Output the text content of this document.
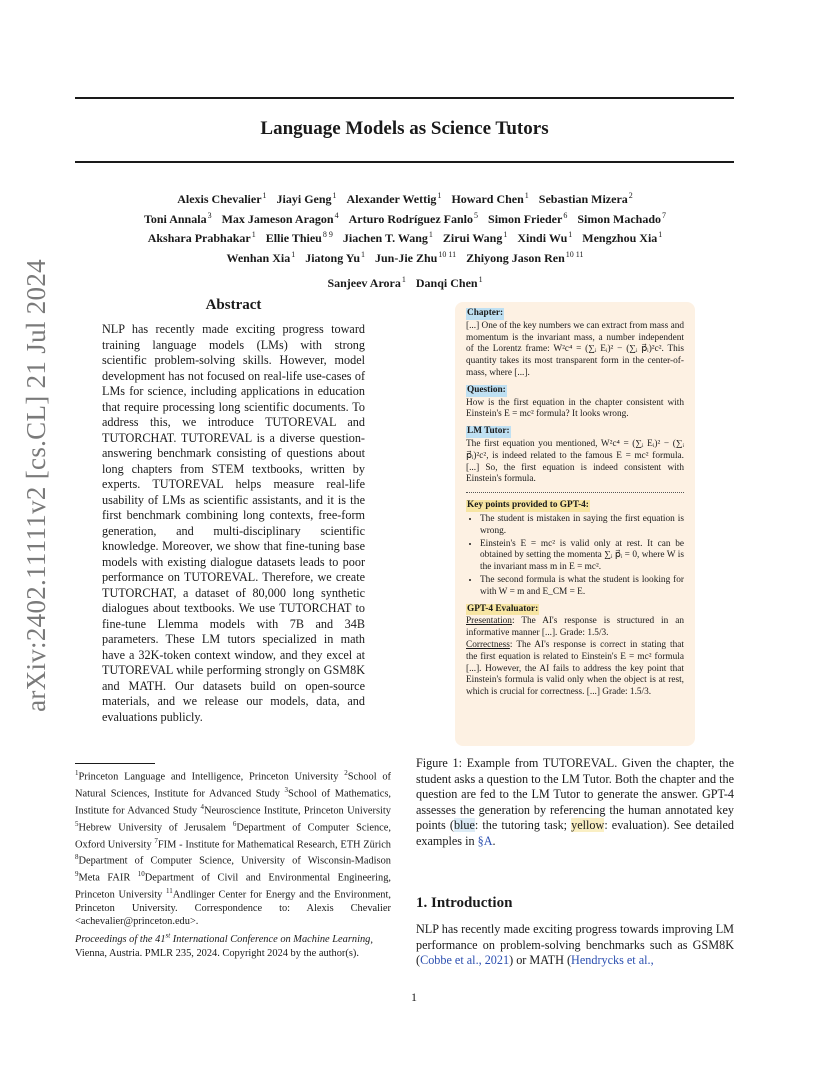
Language Models as Science Tutors
arXiv:2402.11111v2 [cs.CL] 21 Jul 2024
Alexis Chevalier$^1$ Jiayi Geng$^1$ Alexander Wettig$^1$ Howard Chen$^1$ Sebastian Mizera$^2$
Toni Annala$^3$ Max Jameson Aragon$^4$ Arturo Rodríguez Fanlo$^5$ Simon Frieder$^6$ Simon Machado$^7$
Akshara Prabhakar$^1$ Ellie Thieu$^{8 9}$ Jiachen T. Wang$^1$ Zirui Wang$^1$ Xindi Wu$^1$ Mengzhou Xia$^1$
Wenhan Xia$^1$ Jiatong Yu$^1$ Jun-Jie Zhu$^{10 11}$ Zhiyong Jason Ren$^{10 11}$
Sanjeev Arora$^1$ Danqi Chen$^1$
Abstract
NLP has recently made exciting progress toward training language models (LMs) with strong scientific problem-solving skills. However, model development has not focused on real-life use-cases of LMs for science, including applications in education that require processing long scientific documents. To address this, we introduce TUTOREVAL and TUTORCHAT. TUTOREVAL is a diverse question-answering benchmark consisting of questions about long chapters from STEM textbooks, written by experts. TUTOREVAL helps measure real-life usability of LMs as scientific assistants, and it is the first benchmark combining long contexts, free-form generation, and multi-disciplinary scientific knowledge. Moreover, we show that fine-tuning base models with existing dialogue datasets leads to poor performance on TUTOREVAL. Therefore, we create TUTORCHAT, a dataset of 80,000 long synthetic dialogues about textbooks. We use TUTORCHAT to fine-tune Llemma models with 7B and 34B parameters. These LM tutors specialized in math have a 32K-token context window, and they excel at TUTOREVAL while performing strongly on GSM8K and MATH. Our datasets build on open-source materials, and we release our models, data, and evaluations publicly.
$^1$Princeton Language and Intelligence, Princeton University $^2$School of Natural Sciences, Institute for Advanced Study $^3$School of Mathematics, Institute for Advanced Study $^4$Neuroscience Institute, Princeton University $^5$Hebrew University of Jerusalem $^6$Department of Computer Science, Oxford University $^7$FIM - Institute for Mathematical Research, ETH Zürich $^8$Department of Computer Science, University of Wisconsin-Madison $^9$Meta FAIR $^{10}$Department of Civil and Environmental Engineering, Princeton University $^{11}$Andlinger Center for Energy and the Environment, Princeton University. Correspondence to: Alexis Chevalier <achevalier@princeton.edu>.
Proceedings of the 41st International Conference on Machine Learning, Vienna, Austria. PMLR 235, 2024. Copyright 2024 by the author(s).
Chapter:
[...] One of the key numbers we can extract from mass and momentum is the invariant mass, a number independent of the Lorentz frame: W²c⁴ = (∑ᵢ Eᵢ)² − (∑ᵢ p⃗ᵢ)²c². This quantity takes its most transparent form in the center-of-mass, where [...].
Question:
How is the first equation in the chapter consistent with Einstein's E = mc² formula? It looks wrong.
LM Tutor:
The first equation you mentioned, W²c⁴ = (∑ᵢ Eᵢ)² − (∑ᵢ p⃗ᵢ)²c², is indeed related to the famous E = mc² formula. [...] So, the first equation is indeed consistent with Einstein's formula.
Key points provided to GPT-4:
• The student is mistaken in saying the first equation is wrong.
• Einstein's E = mc² is valid only at rest. It can be obtained by setting the momenta ∑ᵢ p⃗ᵢ = 0, where W is the invariant mass m in E = mc².
• The second formula is what the student is looking for with W = m and E_CM = E.
GPT-4 Evaluator:
Presentation: The AI's response is structured in an informative manner [...]. Grade: 1.5/3.
Correctness: The AI's response is correct in stating that the first equation is related to Einstein's E = mc² formula [...]. However, the AI fails to address the key point that Einstein's formula is valid only when the object is at rest, which is crucial for correctness. [...] Grade: 1.5/3.
Figure 1: Example from TUTOREVAL. Given the chapter, the student asks a question to the LM Tutor. Both the chapter and the question are fed to the LM Tutor to generate the answer. GPT-4 assesses the generation by referencing the human annotated key points (blue: the tutoring task; yellow: evaluation). See detailed examples in §A.
1. Introduction
NLP has recently made exciting progress towards improving LM performance on problem-solving benchmarks such as GSM8K (Cobbe et al., 2021) or MATH (Hendrycks et al.,
1
